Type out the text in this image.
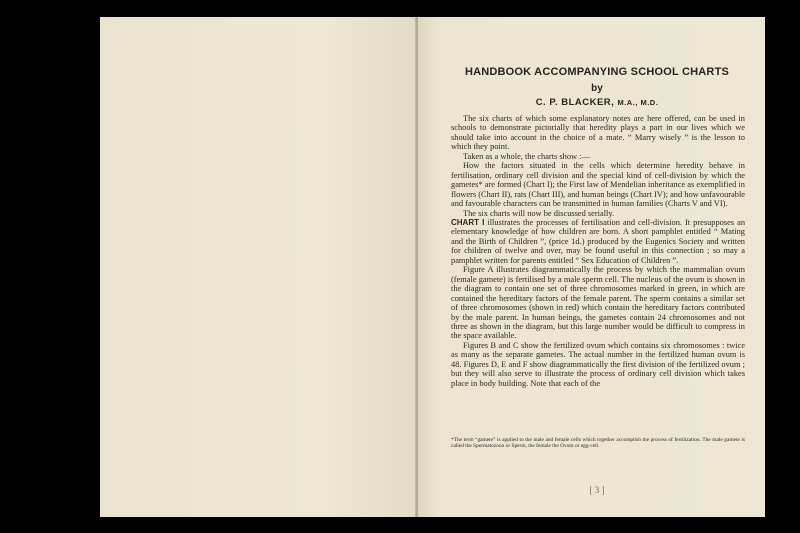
HANDBOOK ACCOMPANYING SCHOOL CHARTS
by
C. P. BLACKER, M.A., M.D.

The six charts of which some explanatory notes are here offered, can be used in schools to demonstrate pictorially that heredity plays a part in our lives which we should take into account in the choice of a mate. “ Marry wisely ” is the lesson to which they point.

Taken as a whole, the charts show :—

How the factors situated in the cells which determine heredity behave in fertilisation, ordinary cell division and the special kind of cell-division by which the gametes* are formed (Chart I); the First law of Mendelian inheritance as exemplified in flowers (Chart II), rats (Chart III), and human beings (Chart IV); and how unfavourable and favourable characters can be transmitted in human families (Charts V and VI).

The six charts will now be discussed serially.

CHART I illustrates the processes of fertilisation and cell-division. It presupposes an elementary knowledge of how children are born. A short pamphlet entitled “ Mating and the Birth of Children ”, (price 1d.) produced by the Eugenics Society and written for children of twelve and over, may be found useful in this connection ; so may a pamphlet written for parents entitled “ Sex Education of Children ”.

Figure A illustrates diagrammatically the process by which the mammalian ovum (female gamete) is fertilised by a male sperm cell. The nucleus of the ovum is shown in the diagram to contain one set of three chromosomes marked in green, in which are contained the hereditary factors of the female parent. The sperm contains a similar set of three chromosomes (shown in red) which contain the hereditary factors contributed by the male parent. In human beings, the gametes contain 24 chromosomes and not three as shown in the diagram, but this large number would be difficult to compress in the space available.

Figures B and C show the fertilized ovum which contains six chromosomes : twice as many as the separate gametes. The actual number in the fertilized human ovum is 48. Figures D, E and F show diagrammatically the first division of the fertilized ovum ; but they will also serve to illustrate the process of ordinary cell division which takes place in body building. Note that each of the

*The term “gamete” is applied to the male and female cells which together accomplish the process of fertilization. The male gamete is called the Spermatozoon or Sperm, the female the Ovum or egg-cell.
[ 3 ]
